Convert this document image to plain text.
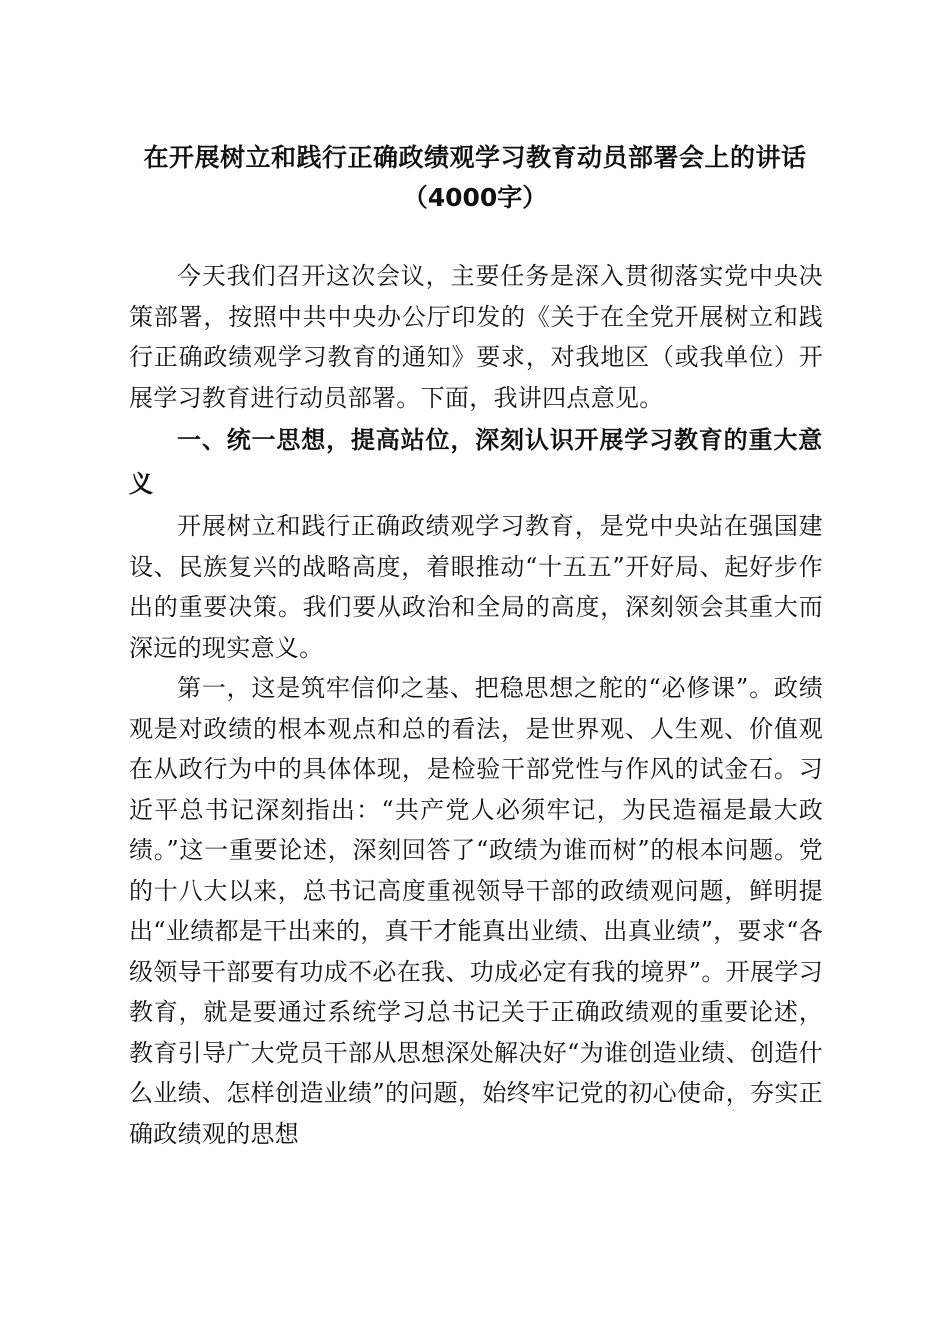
在开展树立和践行正确政绩观学习教育动员部署会上的讲话
（4000字）

今天我们召开这次会议，主要任务是深入贯彻落实党中央决策部署，按照中共中央办公厅印发的《关于在全党开展树立和践行正确政绩观学习教育的通知》要求，对我地区（或我单位）开展学习教育进行动员部署。下面，我讲四点意见。

一、统一思想，提高站位，深刻认识开展学习教育的重大意义

开展树立和践行正确政绩观学习教育，是党中央站在强国建设、民族复兴的战略高度，着眼推动“十五五”开好局、起好步作出的重要决策。我们要从政治和全局的高度，深刻领会其重大而深远的现实意义。

第一，这是筑牢信仰之基、把稳思想之舵的“必修课”。政绩观是对政绩的根本观点和总的看法，是世界观、人生观、价值观在从政行为中的具体体现，是检验干部党性与作风的试金石。习近平总书记深刻指出：“共产党人必须牢记，为民造福是最大政绩。”这一重要论述，深刻回答了“政绩为谁而树”的根本问题。党的十八大以来，总书记高度重视领导干部的政绩观问题，鲜明提出“业绩都是干出来的，真干才能真出业绩、出真业绩”，要求“各级领导干部要有功成不必在我、功成必定有我的境界”。开展学习教育，就是要通过系统学习总书记关于正确政绩观的重要论述，教育引导广大党员干部从思想深处解决好“为谁创造业绩、创造什么业绩、怎样创造业绩”的问题，始终牢记党的初心使命，夯实正确政绩观的思想
